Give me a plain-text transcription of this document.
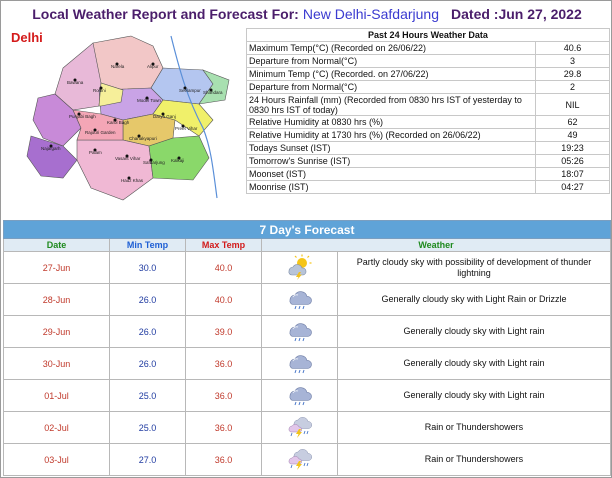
Local Weather Report and Forecast For: New Delhi-Safdarjung Dated :Jun 27, 2022
Narela	Alipur
Bawana
Rohini
Model Town
Seelampur Shahdara
Punjabi Bagh
Karol Bagh
Darya Ganj
Rajouri Garden
Chanakyapuri
Preet Vihar
Najafgarh
Palam
Vasant Vihar
Safdarjung Kalkaji
Hauz Khas
Delhi	Past 24 Hours Weather Data	
Maximum Temp(°C) (Recorded on 26/06/22)	40.6
Departure from Normal(°C)	3
Minimum Temp (°C) (Recorded. on 27/06/22)	29.8
Departure from Normal(°C)	2
24 Hours Rainfall (mm) (Recorded from 0830 hrs IST of yesterday to 0830 hrs IST of today)	NIL
Relative Humidity at 0830 hrs (%)	62
Relative Humidity at 1730 hrs (%) (Recorded on 26/06/22)	49
Todays Sunset (IST)	19:23
Tomorrow's Sunrise (IST)	05:26
Moonset (IST)	18:07
Moonrise (IST)	04:27
7 Day's Forecast				
Date	Min Temp	Max Temp	Weather	
27-Jun	30.0	40.0		Partly cloudy sky with possibility of development of thunder lightning
28-Jun	26.0	40.0		Generally cloudy sky with Light Rain or Drizzle
29-Jun	26.0	39.0		Generally cloudy sky with Light rain
30-Jun	26.0	36.0		Generally cloudy sky with Light rain
01-Jul	25.0	36.0		Generally cloudy sky with Light rain
02-Jul	25.0	36.0		Rain or Thundershowers
03-Jul	27.0	36.0		Rain or Thundershowers
